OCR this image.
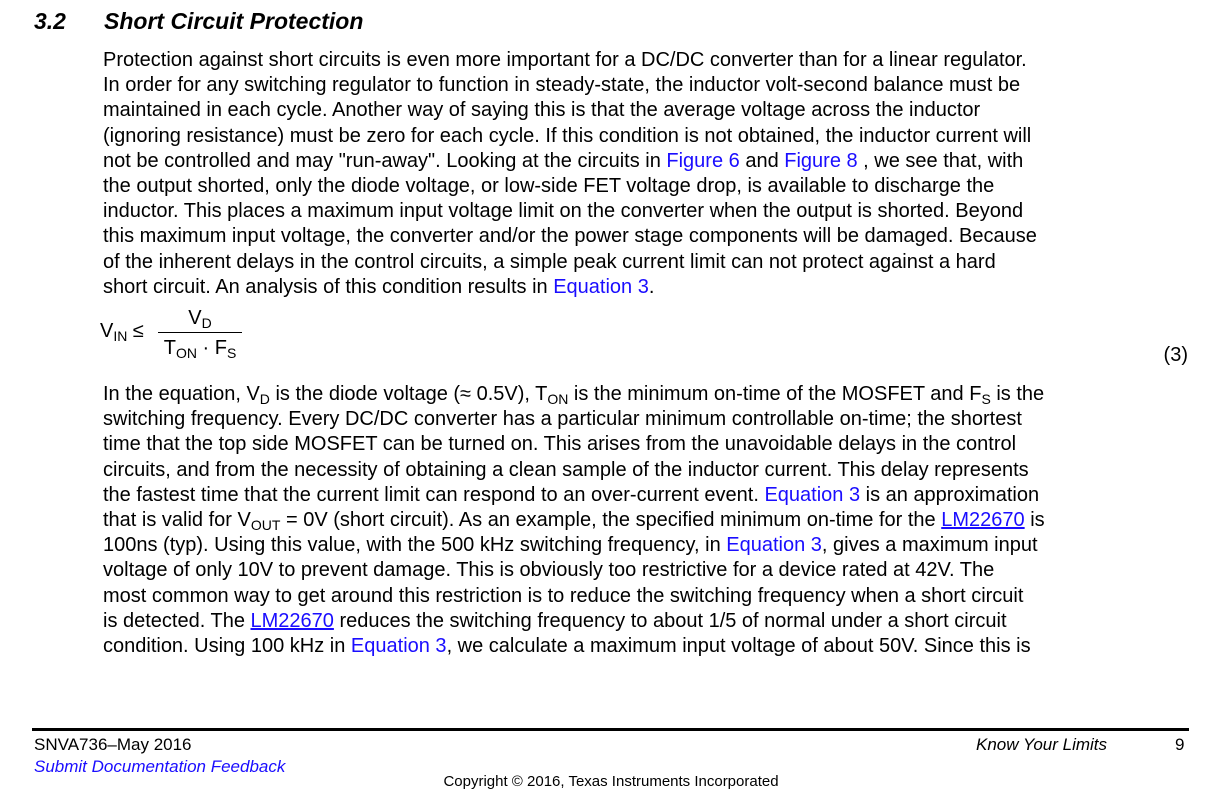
3.2 Short Circuit Protection
Protection against short circuits is even more important for a DC/DC converter than for a linear regulator.
In order for any switching regulator to function in steady-state, the inductor volt-second balance must be
maintained in each cycle. Another way of saying this is that the average voltage across the inductor
(ignoring resistance) must be zero for each cycle. If this condition is not obtained, the inductor current will
not be controlled and may "run-away". Looking at the circuits in Figure 6 and Figure 8 , we see that, with
the output shorted, only the diode voltage, or low-side FET voltage drop, is available to discharge the
inductor. This places a maximum input voltage limit on the converter when the output is shorted. Beyond
this maximum input voltage, the converter and/or the power stage components will be damaged. Because
of the inherent delays in the control circuits, a simple peak current limit can not protect against a hard
short circuit. An analysis of this condition results in Equation 3.
$V_{IN}$ ≤
$V_D$
$T_{ON} \cdot F_S$	(3)
In the equation, $V_D$ is the diode voltage (≈ 0.5V), $T_{ON}$ is the minimum on-time of the MOSFET and $F_S$ is the
switching frequency. Every DC/DC converter has a particular minimum controllable on-time; the shortest
time that the top side MOSFET can be turned on. This arises from the unavoidable delays in the control
circuits, and from the necessity of obtaining a clean sample of the inductor current. This delay represents
the fastest time that the current limit can respond to an over-current event. Equation 3 is an approximation
that is valid for $V_{OUT} = 0V$ (short circuit). As an example, the specified minimum on-time for the LM22670 is
100ns (typ). Using this value, with the 500 kHz switching frequency, in Equation 3, gives a maximum input
voltage of only 10V to prevent damage. This is obviously too restrictive for a device rated at 42V. The
most common way to get around this restriction is to reduce the switching frequency when a short circuit
is detected. The LM22670 reduces the switching frequency to about 1/5 of normal under a short circuit
condition. Using 100 kHz in Equation 3, we calculate a maximum input voltage of about 50V. Since this is
SNVA736–May 2016
Submit Documentation Feedback
Know Your Limits	9
Copyright © 2016, Texas Instruments Incorporated
